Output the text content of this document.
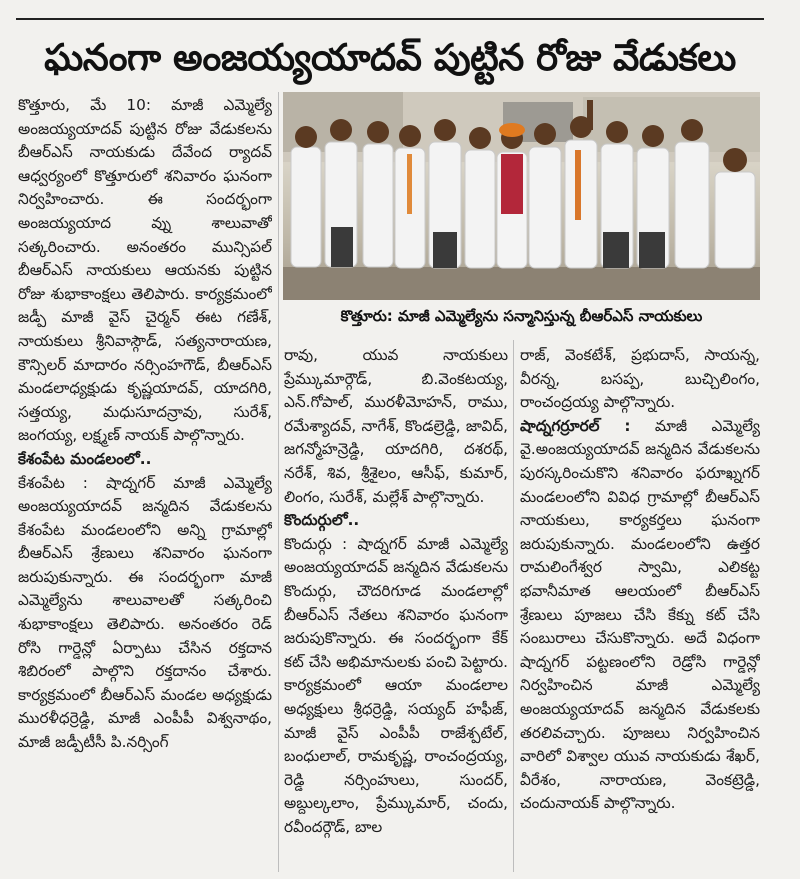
ఘనంగా అంజయ్యయాదవ్ పుట్టిన రోజు వేడుకలు
కొత్తూరు: మాజీ ఎమ్మెల్యేను సన్మానిస్తున్న బీఆర్ఎస్ నాయకులు

కొత్తూరు, మే 10: మాజీ ఎమ్మెల్యే అంజయ్యయాదవ్ పుట్టిన రోజు వేడుకలను బీఆర్ఎస్ నాయకుడు దేవేంద ర్యాదవ్ ఆధ్వర్యంలో కొత్తూరులో శనివారం ఘనంగా నిర్వహించారు. ఈ సందర్భంగా అంజయ్యయాద వ్ను శాలువాతో సత్కరించారు. అనంతరం మున్సిపల్ బీఆర్ఎస్ నాయకులు ఆయనకు పుట్టిన రోజు శుభాకాంక్షలు తెలిపారు. కార్యక్రమంలో జడ్పీ మాజీ వైస్ చైర్మన్ ఈట గణేశ్, నాయకులు శ్రీనివాస్గౌడ్, సత్యనారాయణ, కౌన్సిలర్ మాదారం నర్సింహగౌడ్, బీఆర్ఎస్ మండలాధ్యక్షుడు కృష్ణయాదవ్, యాదగిరి, సత్తయ్య, మధుసూదన్రావు, సురేశ్, జంగయ్య, లక్ష్మణ్ నాయక్ పాల్గొన్నారు.

కేశంపేట మండలంలో..

కేశంపేట : షాద్నగర్ మాజీ ఎమ్మెల్యే అంజయ్యయాదవ్ జన్మదిన వేడుకలను కేశంపేట మండలంలోని అన్ని గ్రామాల్లో బీఆర్ఎస్ శ్రేణులు శనివారం ఘనంగా జరుపుకున్నారు. ఈ సందర్భంగా మాజీ ఎమ్మెల్యేను శాలువాలతో సత్కరించి శుభాకాంక్షలు తెలిపారు. అనంతరం రెడ్ రోసి గార్డెన్లో ఏర్పాటు చేసిన రక్తదాన శిబిరంలో పాల్గొని రక్తదానం చేశారు. కార్యక్రమంలో బీఆర్ఎస్ మండల అధ్యక్షుడు మురళీధర్రెడ్డి, మాజీ ఎంపీపీ విశ్వనాథం, మాజీ జడ్పీటీసీ పి.నర్సింగ్

రావు, యువ నాయకులు ప్రేమ్కుమార్గౌడ్, బి.వెంకటయ్య, ఎన్.గోపాల్, మురళీమోహన్, రాము, రమేశ్యాదవ్, నాగేశ్, కొండల్రెడ్డి, జావిద్, జగన్మోహన్రెడ్డి, యాదగిరి, దశరథ్, నరేశ్, శివ, శ్రీశైలం, ఆసీఫ్, కుమార్, లింగం, సురేశ్, మల్లేశ్ పాల్గొన్నారు.

కొందుర్గులో..

కొందుర్గు : షాద్నగర్ మాజీ ఎమ్మెల్యే అంజయ్యయాదవ్ జన్మదిన వేడుకలను కొందుర్గు, చౌదరిగూడ మండలాల్లో బీఆర్ఎస్ నేతలు శనివారం ఘనంగా జరుపుకొన్నారు. ఈ సందర్భంగా కేక్ కట్ చేసి అభిమానులకు పంచి పెట్టారు. కార్యక్రమంలో ఆయా మండలాల అధ్యక్షులు శ్రీధర్రెడ్డి, సయ్యద్ హఫీజ్, మాజీ వైస్ ఎంపీపీ రాజేశ్పటేల్, బంధులాల్, రామకృష్ణ, రాంచంద్రయ్య, రెడ్డి నర్సింహులు, సుందర్, అబ్దుల్కలాం, ప్రేమ్కుమార్, చందు, రవీందర్గౌడ్, బాల

రాజ్, వెంకటేశ్, ప్రభుదాస్, సాయన్న, వీరన్న, బసప్ప, బుచ్చిలింగం, రాంచంద్రయ్య పాల్గొన్నారు.

షాద్నగర్రూరల్ : మాజీ ఎమ్మెల్యే వై.అంజయ్యయాదవ్ జన్మదిన వేడుకలను పురస్కరించుకొని శనివారం ఫరూఖ్నగర్ మండలంలోని వివిధ గ్రామాల్లో బీఆర్ఎస్ నాయకులు, కార్యకర్తలు ఘనంగా జరుపుకున్నారు. మండలంలోని ఉత్తర రామలింగేశ్వర స్వామి, ఎలికట్ట భవానీమాత ఆలయంలో బీఆర్ఎస్ శ్రేణులు పూజలు చేసి కేక్ను కట్ చేసి సంబురాలు చేసుకొన్నారు. అదే విధంగా షాద్నగర్ పట్టణంలోని రెడ్రోసి గార్డెన్లో నిర్వహించిన మాజీ ఎమ్మెల్యే అంజయ్యయాదవ్ జన్మదిన వేడుకలకు తరలివచ్చారు. పూజలు నిర్వహించిన వారిలో విశ్వాల యువ నాయకుడు శేఖర్, వీరేశం, నారాయణ, వెంకట్రెడ్డి, చందునాయక్ పాల్గొన్నారు.
